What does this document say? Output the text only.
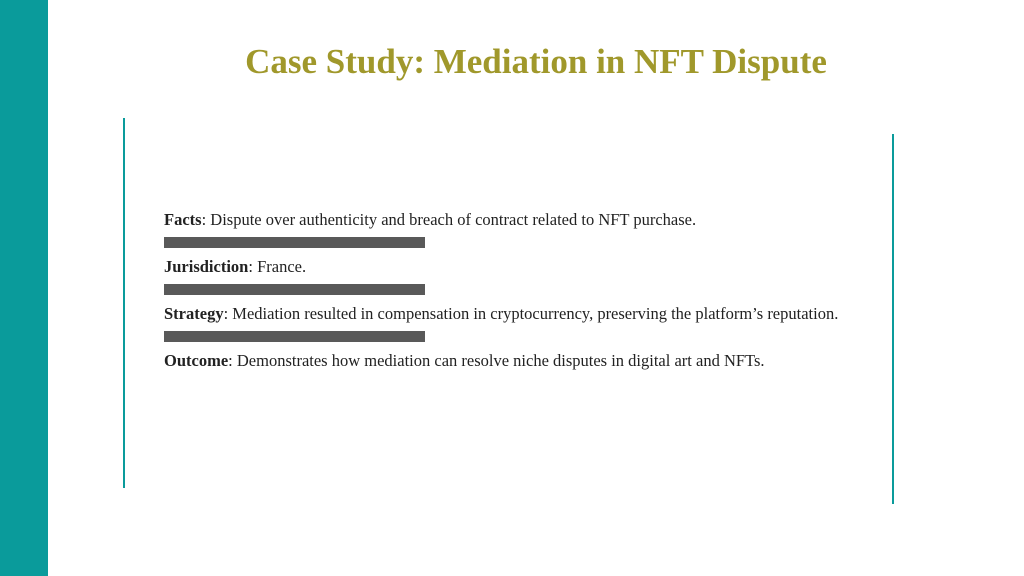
Case Study: Mediation in NFT Dispute

Facts: Dispute over authenticity and breach of contract related to NFT purchase.

Jurisdiction: France.

Strategy: Mediation resulted in compensation in cryptocurrency, preserving the platform’s reputation.

Outcome: Demonstrates how mediation can resolve niche disputes in digital art and NFTs.
